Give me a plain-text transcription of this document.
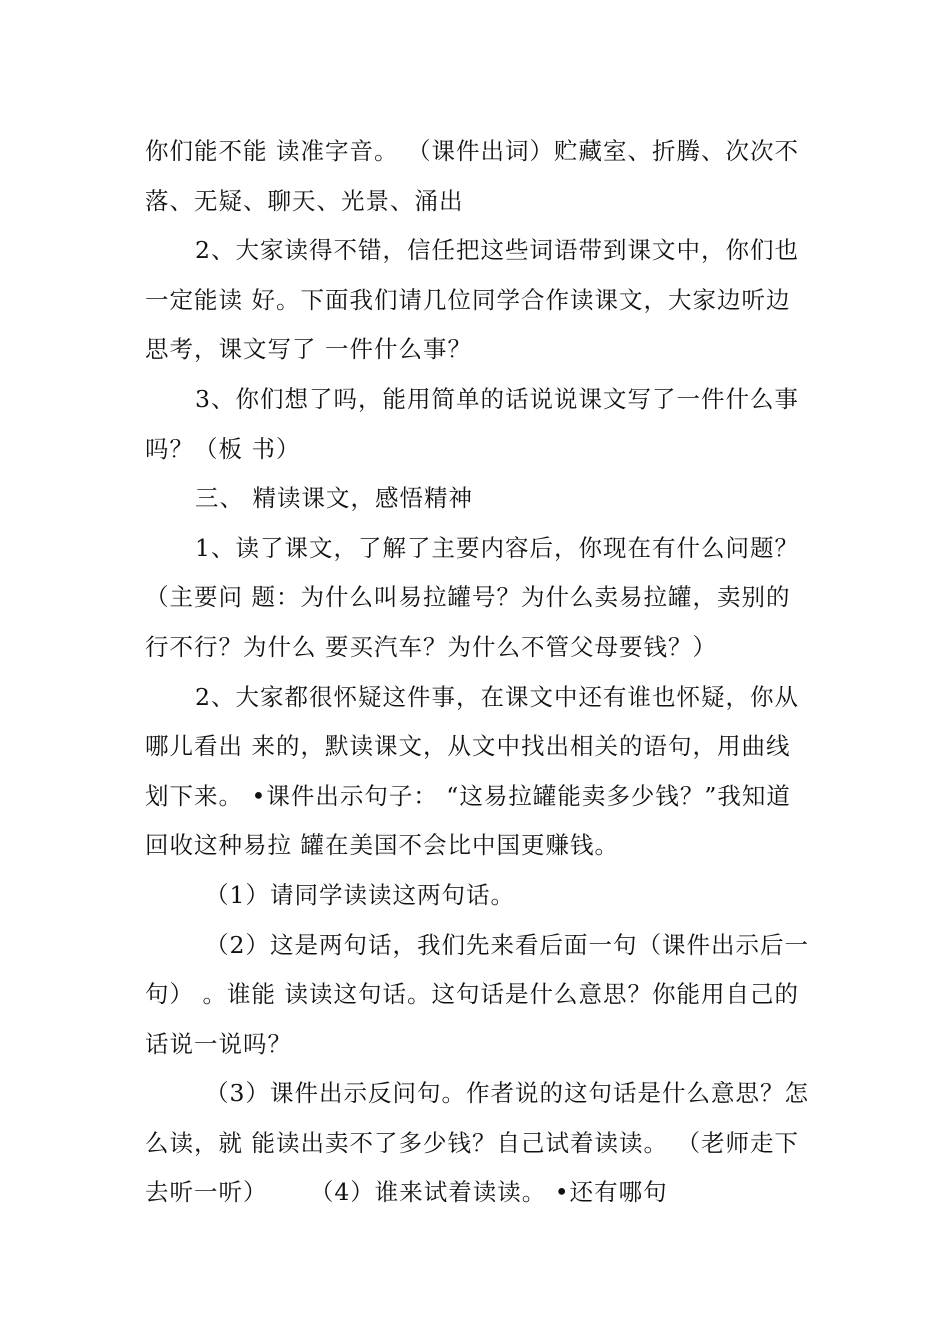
你们能不能 读准字音。 （课件出词）贮藏室、折腾、次次不落、无疑、聊天、光景、涌出

2、大家读得不错，信任把这些词语带到课文中，你们也一定能读 好。下面我们请几位同学合作读课文，大家边听边思考，课文写了 一件什么事？

3、你们想了吗，能用简单的话说说课文写了一件什么事吗？（板 书）

三、 精读课文，感悟精神

1、读了课文，了解了主要内容后，你现在有什么问题？（主要问 题：为什么叫易拉罐号？为什么卖易拉罐，卖别的行不行？为什么 要买汽车？为什么不管父母要钱？）

2、大家都很怀疑这件事，在课文中还有谁也怀疑，你从哪儿看出 来的，默读课文，从文中找出相关的语句，用曲线划下来。 •课件出示句子： “这易拉罐能卖多少钱？”我知道回收这种易拉 罐在美国不会比中国更赚钱。

（1）请同学读读这两句话。

（2）这是两句话，我们先来看后面一句（课件出示后一句） 。谁能 读读这句话。这句话是什么意思？你能用自己的话说一说吗？

（3）课件出示反问句。作者说的这句话是什么意思？怎么读，就 能读出卖不了多少钱？自己试着读读。 （老师走下去听一听）     （4）谁来试着读读。 •还有哪句
